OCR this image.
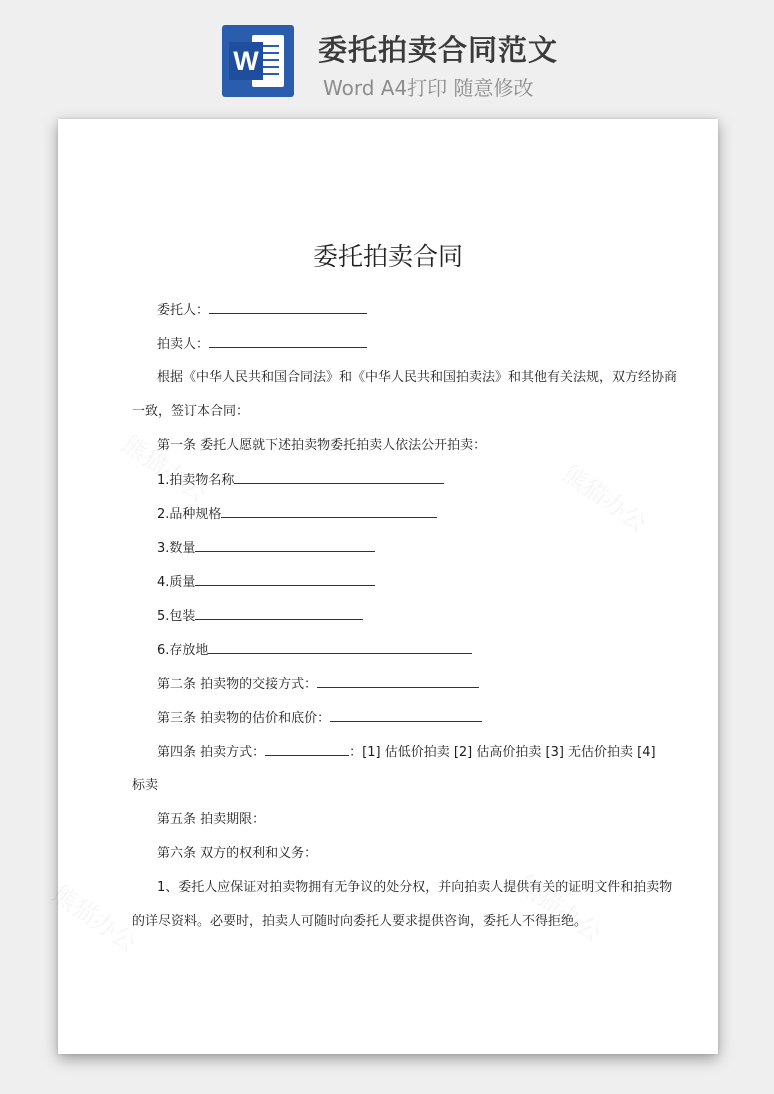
W 委托拍卖合同范文
Word A4打印 随意修改
委托拍卖合同
委托人：
拍卖人：
根据《中华人民共和国合同法》和《中华人民共和国拍卖法》和其他有关法规，双方经协商
一致，签订本合同：
第一条 委托人愿就下述拍卖物委托拍卖人依法公开拍卖：
1.拍卖物名称
2.品种规格
3.数量
4.质量
5.包装
6.存放地
第二条 拍卖物的交接方式：
第三条 拍卖物的估价和底价：
第四条 拍卖方式：	：[1] 估低价拍卖 [2] 估高价拍卖 [3] 无估价拍卖 [4]
标卖
第五条 拍卖期限：
第六条 双方的权利和义务：
1、委托人应保证对拍卖物拥有无争议的处分权，并向拍卖人提供有关的证明文件和拍卖物
的详尽资料。必要时，拍卖人可随时向委托人要求提供咨询，委托人不得拒绝。
